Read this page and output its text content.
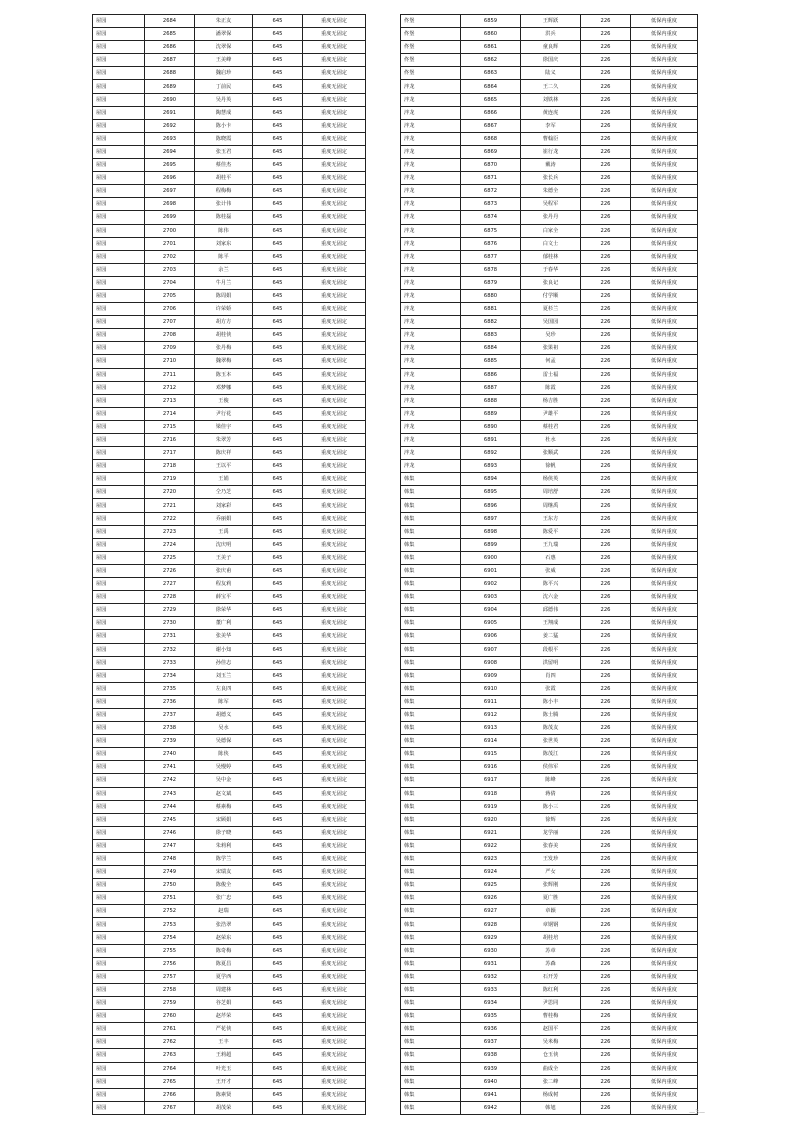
屋园	2684	朱正友	645	重度无固定
屋园	2685	潘翠保	645	重度无固定
屋园	2686	沈翠保	645	重度无固定
屋园	2687	王美峰	645	重度无固定
屋园	2688	魏启珍	645	重度无固定
屋园	2689	丁前民	645	重度无固定
屋园	2690	吴丹英	645	重度无固定
屋园	2691	陶慧成	645	重度无固定
屋园	2692	陈小卡	645	重度无固定
屋园	2693	陈晓霞	645	重度无固定
屋园	2694	张玉君	645	重度无固定
屋园	2695	蔡佳杰	645	重度无固定
屋园	2696	胡桂平	645	重度无固定
屋园	2697	程梅梅	645	重度无固定
屋园	2698	张计伟	645	重度无固定
屋园	2699	陈桂磊	645	重度无固定
屋园	2700	陈伟	645	重度无固定
屋园	2701	刘家东	645	重度无固定
屋园	2702	陈平	645	重度无固定
屋园	2703	余兰	645	重度无固定
屋园	2704	牛月兰	645	重度无固定
屋园	2705	陈周娟	645	重度无固定
屋园	2706	许荣娇	645	重度无固定
屋园	2707	胡方方	645	重度无固定
屋园	2708	胡桂侠	645	重度无固定
屋园	2709	张丹梅	645	重度无固定
屋园	2710	魏翠梅	645	重度无固定
屋园	2711	陈玉本	645	重度无固定
屋园	2712	邓梦娜	645	重度无固定
屋园	2713	王俊	645	重度无固定
屋园	2714	尹行花	645	重度无固定
屋园	2715	梁佳宇	645	重度无固定
屋园	2716	朱翠芳	645	重度无固定
屋园	2717	陈庆祥	645	重度无固定
屋园	2718	王以平	645	重度无固定
屋园	2719	王娟	645	重度无固定
屋园	2720	仝乃芝	645	重度无固定
屋园	2721	刘家彩	645	重度无固定
屋园	2722	乔丽娟	645	重度无固定
屋园	2723	王禹	645	重度无固定
屋园	2724	沈庆明	645	重度无固定
屋园	2725	王美子	645	重度无固定
屋园	2726	张庆甫	645	重度无固定
屋园	2727	程友莉	645	重度无固定
屋园	2728	薛宝平	645	重度无固定
屋园	2729	徐荣华	645	重度无固定
屋园	2730	董广利	645	重度无固定
屋园	2731	张美华	645	重度无固定
屋园	2732	谢小知	645	重度无固定
屋园	2733	孙佳志	645	重度无固定
屋园	2734	刘玉兰	645	重度无固定
屋园	2735	左良四	645	重度无固定
屋园	2736	陈军	645	重度无固定
屋园	2737	胡德义	645	重度无固定
屋园	2738	吴水	645	重度无固定
屋园	2739	吴德保	645	重度无固定
屋园	2740	陈侠	645	重度无固定
屋园	2741	吴慢婷	645	重度无固定
屋园	2742	吴中金	645	重度无固定
屋园	2743	赵文斌	645	重度无固定
屋园	2744	蔡素梅	645	重度无固定
屋园	2745	宋顾娟	645	重度无固定
屋园	2746	徐子晓	645	重度无固定
屋园	2747	朱莉利	645	重度无固定
屋园	2748	陈学兰	645	重度无固定
屋园	2749	宋瑞友	645	重度无固定
屋园	2750	陈俊全	645	重度无固定
屋园	2751	张广忠	645	重度无固定
屋园	2752	赵瑞	645	重度无固定
屋园	2753	张浩翠	645	重度无固定
屋园	2754	赵荣东	645	重度无固定
屋园	2755	陈奇梅	645	重度无固定
屋园	2756	陈夏昌	645	重度无固定
屋园	2757	夏学西	645	重度无固定
屋园	2758	周建林	645	重度无固定
屋园	2759	谷芝娟	645	重度无固定
屋园	2760	赵芹荣	645	重度无固定
屋园	2761	严花侠	645	重度无固定
屋园	2762	王丰	645	重度无固定
屋园	2763	王莉超	645	重度无固定
屋园	2764	叶光玉	645	重度无固定
屋园	2765	王开才	645	重度无固定
屋园	2766	陈素贤	645	重度无固定
屋园	2767	胡茂荣	645	重度无固定
佟堡	6859	王辉跃	226	低保内重度
佟堡	6860	洪兵	226	低保内重度
佟堡	6861	童良辉	226	低保内重度
佟堡	6862	徐国庆	226	低保内重度
佟堡	6863	陆义	226	低保内重度
泮龙	6864	王二久	226	低保内重度
泮龙	6865	刘铁林	226	低保内重度
泮龙	6866	黄连虎	226	低保内重度
泮龙	6867	李军	226	低保内重度
泮龙	6868	曹翰臣	226	低保内重度
泮龙	6869	崔行龙	226	低保内重度
泮龙	6870	戴涛	226	低保内重度
泮龙	6871	张长兵	226	低保内重度
泮龙	6872	朱德全	226	低保内重度
泮龙	6873	吴程军	226	低保内重度
泮龙	6874	张丹丹	226	低保内重度
泮龙	6875	白家全	226	低保内重度
泮龙	6876	白文士	226	低保内重度
泮龙	6877	郁桂林	226	低保内重度
泮龙	6878	于春华	226	低保内重度
泮龙	6879	张良记	226	低保内重度
泮龙	6880	付学顺	226	低保内重度
泮龙	6881	夏杉兰	226	低保内重度
泮龙	6882	吴国园	226	低保内重度
泮龙	6883	吴珍	226	低保内重度
泮龙	6884	张果祖	226	低保内重度
泮龙	6885	何孟	226	低保内重度
泮龙	6886	雷士福	226	低保内重度
泮龙	6887	陈霞	226	低保内重度
泮龙	6888	杨吉胜	226	低保内重度
泮龙	6889	尹雄平	226	低保内重度
泮龙	6890	蔡桂君	226	低保内重度
泮龙	6891	杜水	226	低保内重度
泮龙	6892	张顺武	226	低保内重度
泮龙	6893	徐帆	226	低保内重度
韩集	6894	杨侠英	226	低保内重度
韩集	6895	周培舒	226	低保内重度
韩集	6896	周继禹	226	低保内重度
韩集	6897	王东方	226	低保内重度
韩集	6898	陈爱平	226	低保内重度
韩集	6899	王九瑞	226	低保内重度
韩集	6900	石惠	226	低保内重度
韩集	6901	张威	226	低保内重度
韩集	6902	陈平兴	226	低保内重度
韩集	6903	沈六金	226	低保内重度
韩集	6904	邱德伟	226	低保内重度
韩集	6905	王翔成	226	低保内重度
韩集	6906	姜二猛	226	低保内重度
韩集	6907	段根平	226	低保内重度
韩集	6908	洪留明	226	低保内重度
韩集	6909	肖四	226	低保内重度
韩集	6910	张霞	226	低保内重度
韩集	6911	陈小丰	226	低保内重度
韩集	6912	陈士腾	226	低保内重度
韩集	6913	陈茂友	226	低保内重度
韩集	6914	张世英	226	低保内重度
韩集	6915	陈茂江	226	低保内重度
韩集	6916	侯伟军	226	低保内重度
韩集	6917	陈峰	226	低保内重度
韩集	6918	蒋倩	226	低保内重度
韩集	6919	陈小三	226	低保内重度
韩集	6920	徐辉	226	低保内重度
韩集	6921	龙学丽	226	低保内重度
韩集	6922	张春美	226	低保内重度
韩集	6923	王发珍	226	低保内重度
韩集	6924	严女	226	低保内重度
韩集	6925	张辉刚	226	低保内重度
韩集	6926	夏广胜	226	低保内重度
韩集	6927	章颖	226	低保内重度
韩集	6928	章钢钢	226	低保内重度
韩集	6929	胡桂培	226	低保内重度
韩集	6930	苏章	226	低保内重度
韩集	6931	苏森	226	低保内重度
韩集	6932	石开芳	226	低保内重度
韩集	6933	陈红利	226	低保内重度
韩集	6934	尹思同	226	低保内重度
韩集	6935	曹桂梅	226	低保内重度
韩集	6936	赵国平	226	低保内重度
韩集	6937	吴米梅	226	低保内重度
韩集	6938	仓玉侠	226	低保内重度
韩集	6939	曲成全	226	低保内重度
韩集	6940	张二峰	226	低保内重度
韩集	6941	杨成树	226	低保内重度
韩集	6942	韩旭	226	低保内重度
—3—
